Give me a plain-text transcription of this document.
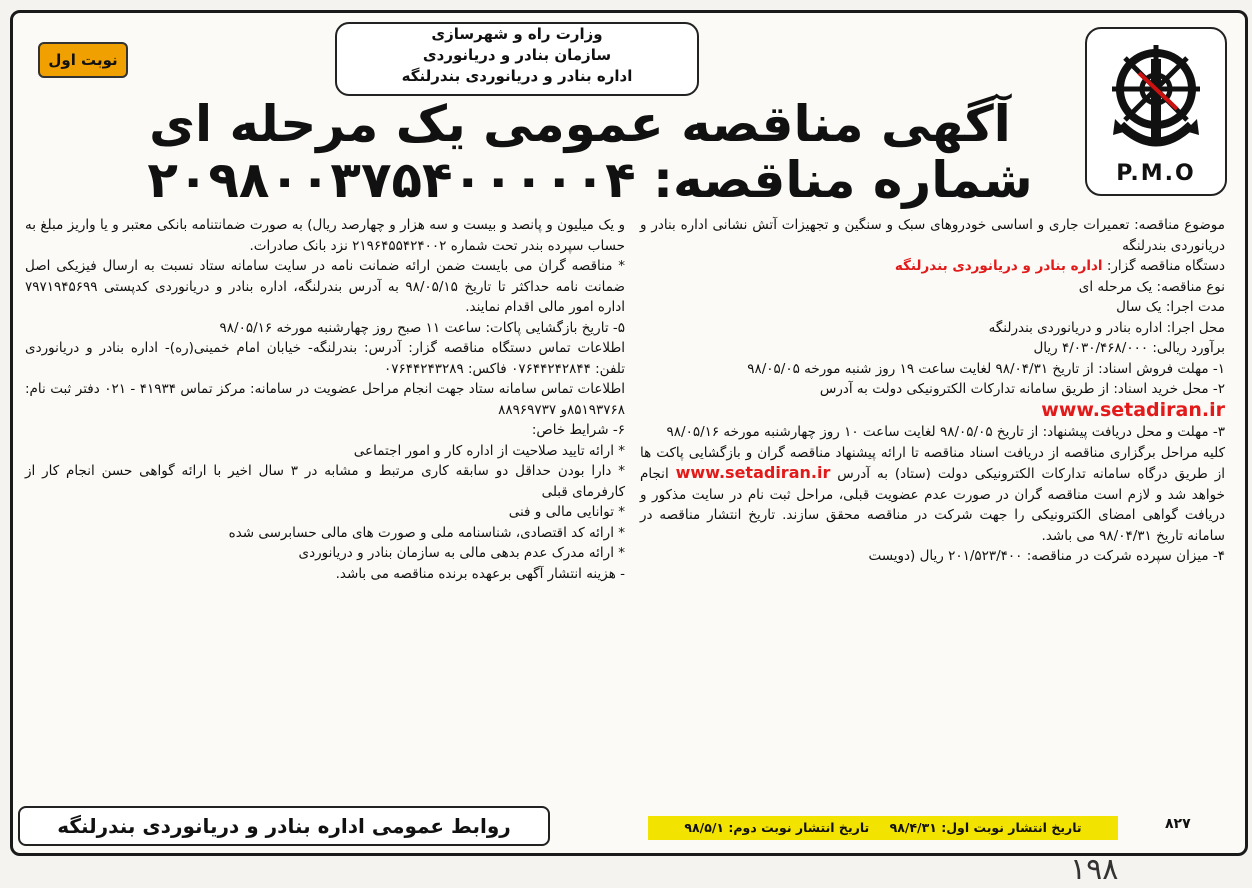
وزارت راه و شهرسازی
سازمان بنادر و دریانوردی
اداره بنادر و دریانوردی بندرلنگه
نوبت اول
P.M.O
آگهی مناقصه عمومی یک مرحله ای
شماره مناقصه: ۲۰۹۸۰۰۳۷۵۴۰۰۰۰۰۴

موضوع مناقصه: تعمیرات جاری و اساسی خودروهای سبک و سنگین و تجهیزات آتش نشانی اداره بنادر و دریانوردی بندرلنگه

دستگاه مناقصه گزار: اداره بنادر و دریانوردی بندرلنگه

نوع مناقصه: یک مرحله ای

مدت اجرا: یک سال

محل اجرا: اداره بنادر و دریانوردی بندرلنگه

برآورد ریالی: ۴/۰۳۰/۴۶۸/۰۰۰ ریال

۱- مهلت فروش اسناد: از تاریخ ۹۸/۰۴/۳۱ لغایت ساعت ۱۹ روز شنبه مورخه ۹۸/۰۵/۰۵

۲- محل خرید اسناد: از طریق سامانه تدارکات الکترونیکی دولت به آدرس

www.setadiran.ir

۳- مهلت و محل دریافت پیشنهاد: از تاریخ ۹۸/۰۵/۰۵ لغایت ساعت ۱۰ روز چهارشنبه مورخه ۹۸/۰۵/۱۶

کلیه مراحل برگزاری مناقصه از دریافت اسناد مناقصه تا ارائه پیشنهاد مناقصه گران و بازگشایی پاکت ها از طریق درگاه سامانه تدارکات الکترونیکی دولت (ستاد) به آدرس www.setadiran.ir انجام خواهد شد و لازم است مناقصه گران در صورت عدم عضویت قبلی، مراحل ثبت نام در سایت مذکور و دریافت گواهی امضای الکترونیکی را جهت شرکت در مناقصه محقق سازند. تاریخ انتشار مناقصه در سامانه تاریخ ۹۸/۰۴/۳۱ می باشد.

۴- میزان سپرده شرکت در مناقصه: ۲۰۱/۵۲۳/۴۰۰ ریال (دویست

و یک میلیون و پانصد و بیست و سه هزار و چهارصد ریال) به صورت ضمانتنامه بانکی معتبر و یا واریز مبلغ به حساب سپرده بندر تحت شماره ۲۱۹۶۴۵۵۴۲۴۰۰۲ نزد بانک صادرات.

* مناقصه گران می بایست ضمن ارائه ضمانت نامه در سایت سامانه ستاد نسبت به ارسال فیزیکی اصل ضمانت نامه حداکثر تا تاریخ ۹۸/۰۵/۱۵ به آدرس بندرلنگه، اداره بنادر و دریانوردی کدپستی ۷۹۷۱۹۴۵۶۹۹ اداره امور مالی اقدام نمایند.

۵- تاریخ بازگشایی پاکات: ساعت ۱۱ صبح روز چهارشنبه مورخه ۹۸/۰۵/۱۶

اطلاعات تماس دستگاه مناقصه گزار: آدرس: بندرلنگه- خیابان امام خمینی(ره)- اداره بنادر و دریانوردی تلفن: ۰۷۶۴۴۲۴۲۸۴۴ فاکس: ۰۷۶۴۴۲۴۳۲۸۹

اطلاعات تماس سامانه ستاد جهت انجام مراحل عضویت در سامانه: مرکز تماس ۴۱۹۳۴ - ۰۲۱ دفتر ثبت نام: ۸۵۱۹۳۷۶۸و ۸۸۹۶۹۷۳۷

۶- شرایط خاص:

* ارائه تایید صلاحیت از اداره کار و امور اجتماعی

* دارا بودن حداقل دو سابقه کاری مرتبط و مشابه در ۳ سال اخیر با ارائه گواهی حسن انجام کار از کارفرمای قبلی

* توانایی مالی و فنی

* ارائه کد اقتصادی، شناسنامه ملی و صورت های مالی حسابرسی شده

* ارائه مدرک عدم بدهی مالی به سازمان بنادر و دریانوردی

- هزینه انتشار آگهی برعهده برنده مناقصه می باشد.

روابط عمومی اداره بنادر و دریانوردی بندرلنگه	تاریخ انتشار نوبت اول: ۹۸/۴/۳۱ تاریخ انتشار نوبت دوم: ۹۸/۵/۱	۸۲۷
۱۹۸
